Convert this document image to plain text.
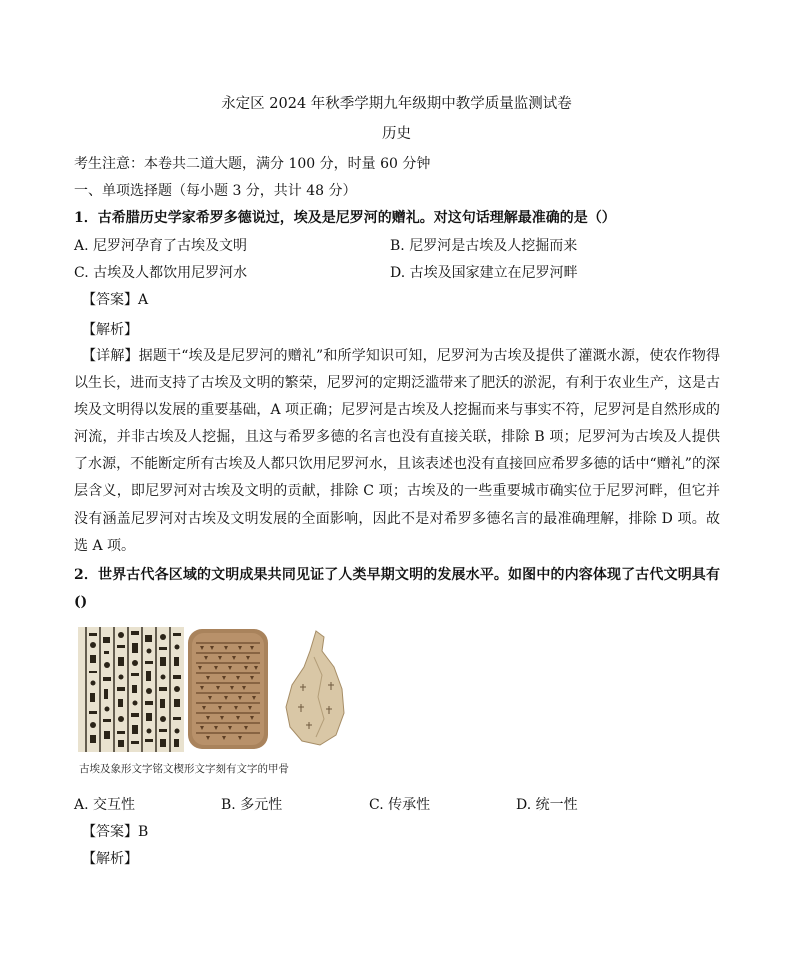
永定区 2024 年秋季学期九年级期中教学质量监测试卷
历史
考生注意：本卷共二道大题，满分 100 分，时量 60 分钟
一、单项选择题（每小题 3 分，共计 48 分）
1．古希腊历史学家希罗多德说过，埃及是尼罗河的赠礼。对这句话理解最准确的是（）
A. 尼罗河孕育了古埃及文明	B. 尼罗河是古埃及人挖掘而来
C. 古埃及人都饮用尼罗河水	D. 古埃及国家建立在尼罗河畔
【答案】A
【解析】
【详解】据题干“埃及是尼罗河的赠礼”和所学知识可知，尼罗河为古埃及提供了灌溉水源，使农作物得以生长，进而支持了古埃及文明的繁荣，尼罗河的定期泛滥带来了肥沃的淤泥，有利于农业生产，这是古埃及文明得以发展的重要基础，A 项正确；尼罗河是古埃及人挖掘而来与事实不符，尼罗河是自然形成的河流，并非古埃及人挖掘，且这与希罗多德的名言也没有直接关联，排除 B 项；尼罗河为古埃及人提供了水源，不能断定所有古埃及人都只饮用尼罗河水，且该表述也没有直接回应希罗多德的话中“赠礼”的深层含义，即尼罗河对古埃及文明的贡献，排除 C 项；古埃及的一些重要城市确实位于尼罗河畔，但它并没有涵盖尼罗河对古埃及文明发展的全面影响，因此不是对希罗多德名言的最准确理解，排除 D 项。故选 A 项。
2．世界古代各区域的文明成果共同见证了人类早期文明的发展水平。如图中的内容体现了古代文明具有()
古埃及象形文字铭文楔形文字刻有文字的甲骨
A. 交互性	B. 多元性	C. 传承性	D. 统一性
【答案】B
【解析】
